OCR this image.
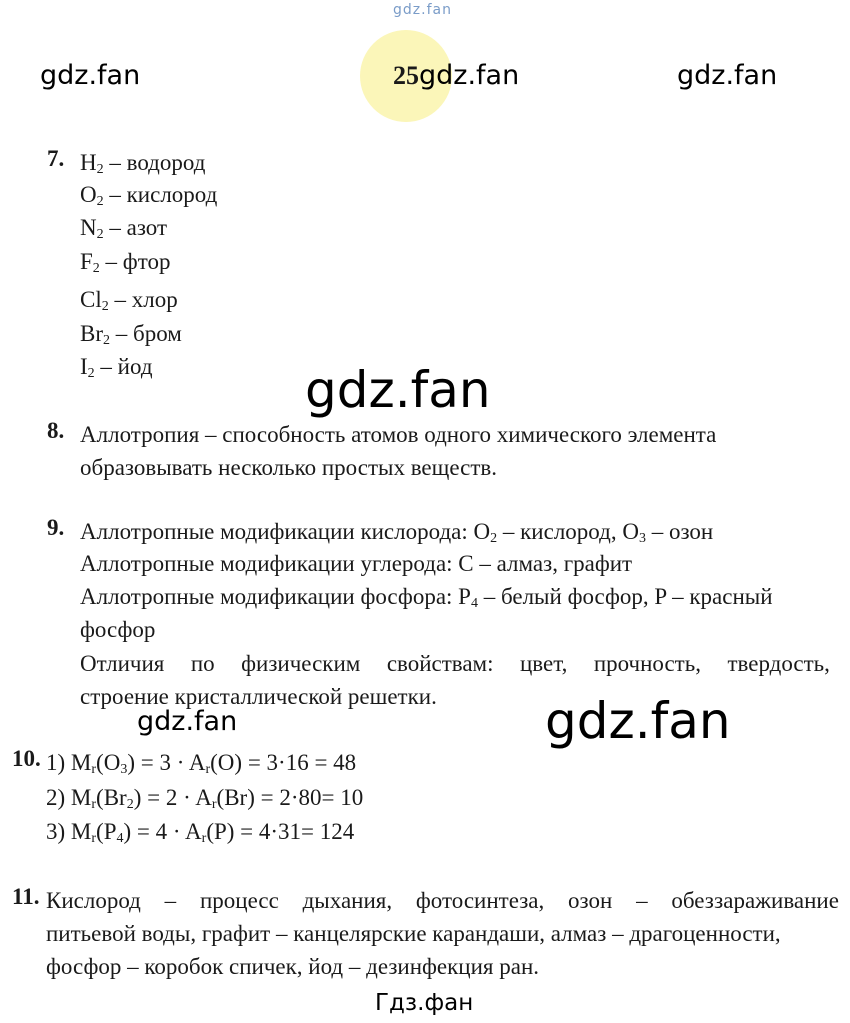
gdz.fan
gdz.fan	25 gdz.fan	gdz.fan
7. $H_2$ – водород
$O_2$ – кислород
$N_2$ – азот
$F_2$ – фтор
$Cl_2$ – хлор
$Br_2$ – бром
$I_2$ – йод	gdz.fan
8. Аллотропия – способность атомов одного химического элемента
образовывать несколько простых веществ.
9. Аллотропные модификации кислорода: $O_2$ – кислород, $O_3$ – озон
Аллотропные модификации углерода: C – алмаз, графит
Аллотропные модификации фосфора: $P_4$ – белый фосфор, P – красный
фосфор
Отличия по физическим свойствам: цвет, прочность, твердость,
строение кристаллической решетки.
gdz.fan	gdz.fan
10. 1) $M_r(O_3) = 3 \cdot A_r(O) = 3\cdot 16 = 48$
2) $M_r(Br_2) = 2 \cdot A_r(Br) = 2\cdot 80= 10$
3) $M_r(P_4) = 4 \cdot A_r(P) = 4\cdot 31= 124$
11. Кислород – процесс дыхания, фотосинтеза, озон – обеззараживание
питьевой воды, графит – канцелярские карандаши, алмаз – драгоценности,
фосфор – коробок спичек, йод – дезинфекция ран.
Гдз.фан
